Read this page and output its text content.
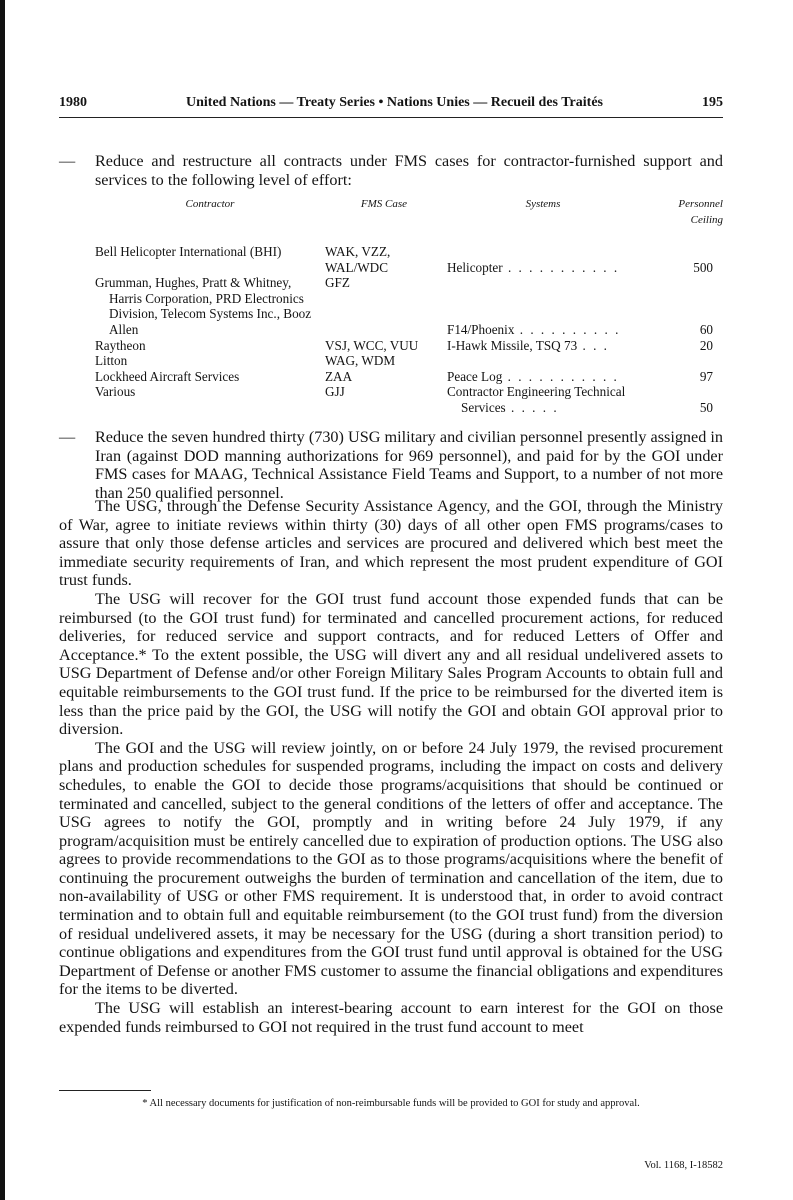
1980	United Nations — Treaty Series • Nations Unies — Recueil des Traités	195
— Reduce and restructure all contracts under FMS cases for contractor-furnished support and services to the following level of effort:
Contractor	FMS Case	Systems	Personnel
Ceiling

Bell Helicopter International (BHI)	WAK, VZZ, WAL/WDC	Helicopter . . . . . . . . . . .	500
Grumman, Hughes, Pratt & Whitney, Harris Corporation, PRD Electronics Division, Telecom Systems Inc., Booz Allen	GFZ	F14/Phoenix . . . . . . . . . .	60
Raytheon	VSJ, WCC, VUU	I-Hawk Missile, TSQ 73 . . .	20
Litton	WAG, WDM		
Lockheed Aircraft Services	ZAA	Peace Log . . . . . . . . . . .	97
Various	GJJ	Contractor Engineering Technical Services . . . . .	50
— Reduce the seven hundred thirty (730) USG military and civilian personnel presently assigned in Iran (against DOD manning authorizations for 969 personnel), and paid for by the GOI under FMS cases for MAAG, Technical Assistance Field Teams and Support, to a number of not more than 250 qualified personnel.

The USG, through the Defense Security Assistance Agency, and the GOI, through the Ministry of War, agree to initiate reviews within thirty (30) days of all other open FMS programs/cases to assure that only those defense articles and services are procured and delivered which best meet the immediate security requirements of Iran, and which represent the most prudent expenditure of GOI trust funds.

The USG will recover for the GOI trust fund account those expended funds that can be reimbursed (to the GOI trust fund) for terminated and cancelled procurement actions, for reduced deliveries, for reduced service and support contracts, and for reduced Letters of Offer and Acceptance.* To the extent possible, the USG will divert any and all residual undelivered assets to USG Department of Defense and/or other Foreign Military Sales Program Accounts to obtain full and equitable reimbursements to the GOI trust fund. If the price to be reimbursed for the diverted item is less than the price paid by the GOI, the USG will notify the GOI and obtain GOI approval prior to diversion.

The GOI and the USG will review jointly, on or before 24 July 1979, the revised procurement plans and production schedules for suspended programs, including the impact on costs and delivery schedules, to enable the GOI to decide those programs/acquisitions that should be continued or terminated and cancelled, subject to the general conditions of the letters of offer and acceptance. The USG agrees to notify the GOI, promptly and in writing before 24 July 1979, if any program/acquisition must be entirely cancelled due to expiration of production options. The USG also agrees to provide recommendations to the GOI as to those programs/acquisitions where the benefit of continuing the procurement outweighs the burden of termination and cancellation of the item, due to non-availability of USG or other FMS requirement. It is understood that, in order to avoid contract termination and to obtain full and equitable reimbursement (to the GOI trust fund) from the diversion of residual undelivered assets, it may be necessary for the USG (during a short transition period) to continue obligations and expenditures from the GOI trust fund until approval is obtained for the USG Department of Defense or another FMS customer to assume the financial obligations and expenditures for the items to be diverted.

The USG will establish an interest-bearing account to earn interest for the GOI on those expended funds reimbursed to GOI not required in the trust fund account to meet

* All necessary documents for justification of non-reimbursable funds will be provided to GOI for study and approval.
Vol. 1168, I-18582
